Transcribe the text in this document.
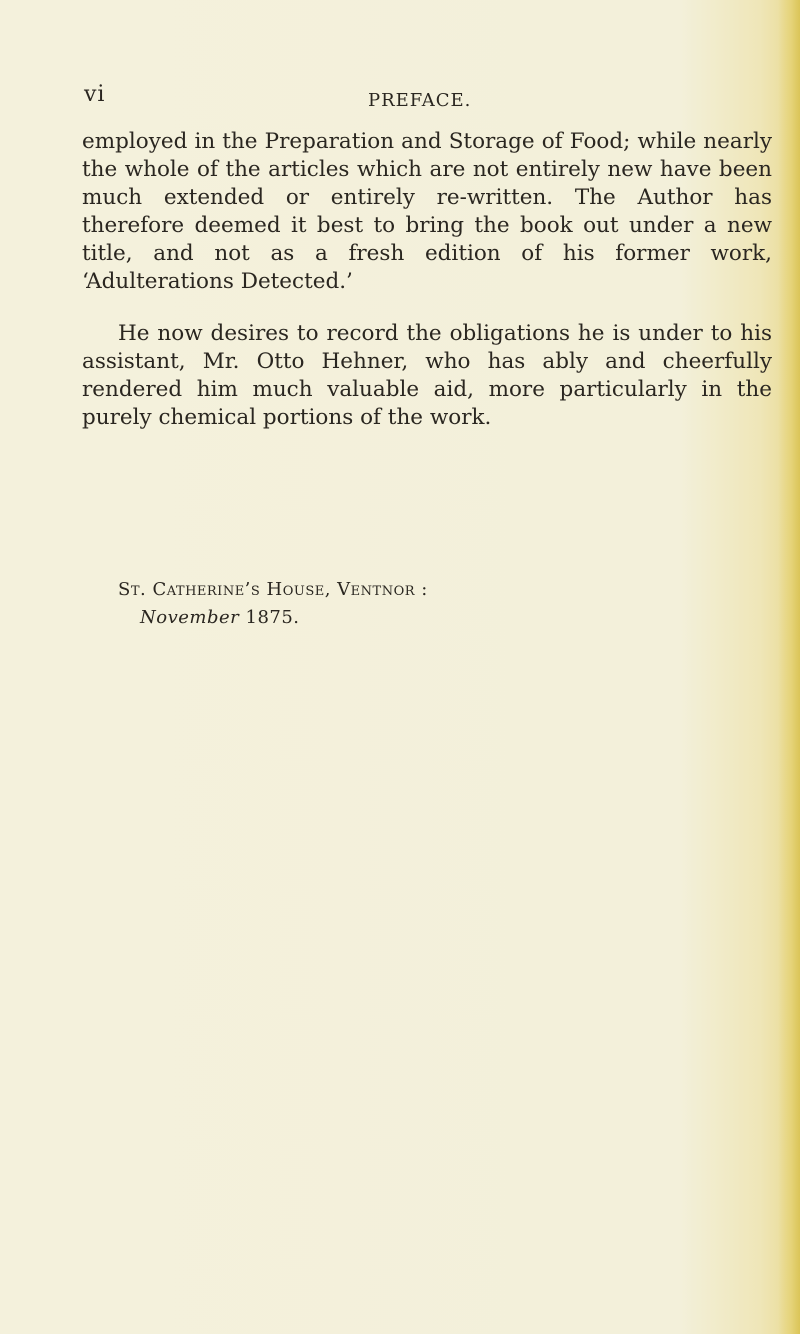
vi	PREFACE.

employed in the Preparation and Storage of Food; while nearly the whole of the articles which are not entirely new have been much extended or entirely re-written. The Author has therefore deemed it best to bring the book out under a new title, and not as a fresh edition of his former work, ‘Adulterations Detected.’

He now desires to record the obligations he is under to his assistant, Mr. Otto Hehner, who has ably and cheerfully rendered him much valuable aid, more particularly in the purely chemical portions of the work.

St. Catherine’s House, Ventnor :
November 1875.
